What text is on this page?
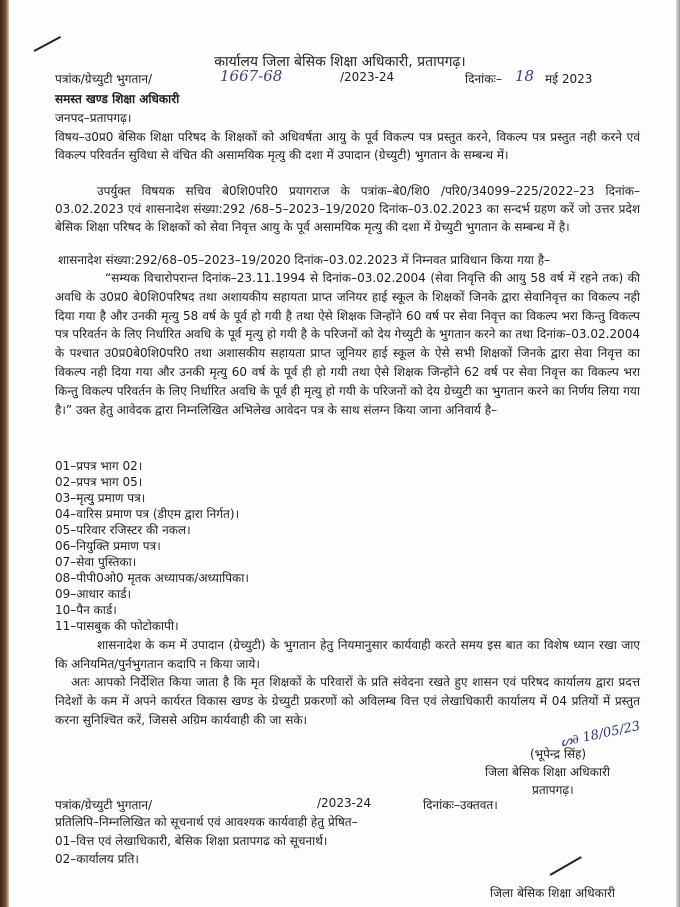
कार्यालय जिला बेसिक शिक्षा अधिकारी, प्रतापगढ़।
पत्रांक/ग्रेच्युटी भुगतान/	1667-68	/2023-24	दिनांकः– 18 मई 2023
समस्त खण्ड शिक्षा अधिकारी
जनपद–प्रतापगढ़।
विषय–उ0प्र0 बेसिक शिक्षा परिषद के शिक्षकों को अधिवर्षता आयु के पूर्व विकल्प पत्र प्रस्तुत करने, विकल्प पत्र प्रस्तुत नही करने एवं विकल्प परिवर्तन सुविधा से वंचित की असामयिक मृत्यु की दशा में उपादान (ग्रेच्युटी) भुगतान के सम्बन्ध में।
उपर्युक्त विषयक सचिव बे0शि0परि0 प्रयागराज के पत्रांक–बे0/शि0 /परि0/34099–225/2022–23 दिनांक–03.02.2023 एवं शासनादेश संख्या:292 /68–5–2023–19/2020 दिनांक–03.02.2023 का सन्दर्भ ग्रहण करें जो उत्तर प्रदेश बेसिक शिक्षा परिषद के शिक्षकों को सेवा निवृत्त आयु के पूर्व असामयिक मृत्यु की दशा में ग्रेच्युटी भुगतान के सम्बन्ध में है।
शासनादेश संख्या:292/68–05–2023–19/2020 दिनांक–03.02.2023 में निम्नवत प्राविधान किया गया है–
“सम्यक विचारोपरान्त दिनांक–23.11.1994 से दिनांक–03.02.2004 (सेवा निवृत्ति की आयु 58 वर्ष में रहने तक) की अवधि के उ0प्र0 बे0शि0परिषद तथा अशायकीय सहायता प्राप्त जनियर हाई स्कूल के शिक्षकों जिनके द्वारा सेवानिवृत्त का विकल्प नही दिया गया है और उनकी मृत्यु 58 वर्ष के पूर्व हो गयी है तथा ऐसे शिक्षक जिन्होंने 60 वर्ष पर सेवा निवृत्त का विकल्प भरा किन्तु विकल्प पत्र परिवर्तन के लिए निर्धारित अवधि के पूर्व मृत्यु हो गयी है के परिजनों को देय गेच्युटी के भुगतान करने का तथा दिनांक–03.02.2004 के पश्चात उ0प्र0बे0शि0परि0 तथा अशासकीय सहायता प्राप्त जूनियर हाई स्कूल के ऐसे सभी शिक्षकों जिनके द्वारा सेवा निवृत्त का विकल्प नही दिया गया और उनकी मृत्यु 60 वर्ष के पूर्व ही हो गयी तथा ऐसे शिक्षक जिन्होंने 62 वर्ष पर सेवा निवृत्त का विकल्प भरा किन्तु विकल्प परिवर्तन के लिए निर्धारित अवधि के पूर्व ही मृत्यु हो गयी के परिजनों को देय ग्रेच्युटी का भुगतान करने का निर्णय लिया गया है।” उक्त हेतु आवेदक द्वारा निम्नलिखित अभिलेख आवेदन पत्र के साथ संलग्न किया जाना अनिवार्य है–
01–प्रपत्र भाग 02।
02–प्रपत्र भाग 05।
03–मृत्यु प्रमाण पत्र।
04–वारिस प्रमाण पत्र (डीएम द्वारा निर्गत)।
05–परिवार रजिस्टर की नकल।
06–नियुक्ति प्रमाण पत्र।
07–सेवा पुस्तिका।
08–पीपी0ओ0 मृतक अध्यापक/अध्यापिका।
09–आधार कार्ड।
10–पैन कार्ड।
11–पासबुक की फोटोकापी।
शासनादेश के कम में उपादान (ग्रेच्युटी) के भुगतान हेतु नियमानुसार कार्यवाही करते समय इस बात का विशेष ध्यान रखा जाए कि अनियमित/पुर्नभुगतान कदापि न किया जाये।
अतः आपको निर्देशित किया जाता है कि मृत शिक्षकों के परिवारों के प्रति संवेदना रखते हुए शासन एवं परिषद कार्यालय द्वारा प्रदत्त निदेशों के कम में अपने कार्यरत विकास खण्ड के ग्रेच्युटी प्रकरणों को अविलम्ब वित्त एवं लेखाधिकारी कार्यालय में 04 प्रतियों में प्रस्तुत करना सुनिश्चित करें, जिससे अग्रिम कार्यवाही की जा सके।	ᔕ∂ 18/05/23
(भूपेन्द्र सिंह)
जिला बेसिक शिक्षा अधिकारी
प्रतापगढ़।
पत्रांक/ग्रेच्युटी भुगतान/	/2023-24	दिनांकः–उक्तवत।
प्रतिलिपि–निम्नलिखित को सूचनार्थ एवं आवश्यक कार्यवाही हेतु प्रेषित–
01–वित्त एवं लेखाधिकारी, बेसिक शिक्षा प्रतापगढ को सूचनार्थ।
02–कार्यालय प्रति।
जिला बेसिक शिक्षा अधिकारी
